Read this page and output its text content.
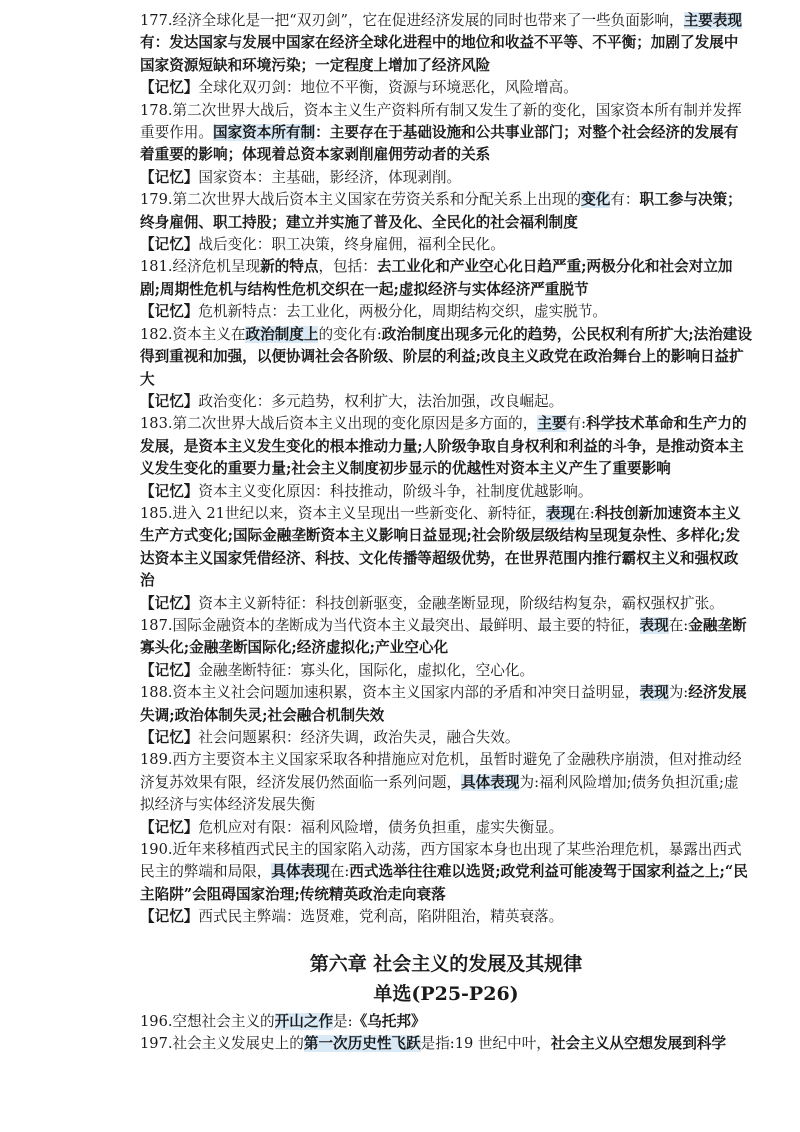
177.经济全球化是一把“双刃剑”，它在促进经济发展的同时也带来了一些负面影响，主要表现有：发达国家与发展中国家在经济全球化进程中的地位和收益不平等、不平衡；加剧了发展中国家资源短缺和环境污染；一定程度上增加了经济风险

【记忆】全球化双刃剑：地位不平衡，资源与环境恶化，风险增高。

178.第二次世界大战后，资本主义生产资料所有制又发生了新的变化，国家资本所有制并发挥重要作用。国家资本所有制：主要存在于基础设施和公共事业部门；对整个社会经济的发展有着重要的影响；体现着总资本家剥削雇佣劳动者的关系

【记忆】国家资本：主基础，影经济，体现剥削。

179.第二次世界大战后资本主义国家在劳资关系和分配关系上出现的变化有：职工参与决策；终身雇佣、职工持股；建立并实施了普及化、全民化的社会福利制度

【记忆】战后变化：职工决策，终身雇佣，福利全民化。

181.经济危机呈现新的特点，包括：去工业化和产业空心化日趋严重;两极分化和社会对立加剧;周期性危机与结构性危机交织在一起;虚拟经济与实体经济严重脱节

【记忆】危机新特点：去工业化，两极分化，周期结构交织，虚实脱节。

182.资本主义在政治制度上的变化有:政治制度出现多元化的趋势，公民权利有所扩大;法治建设得到重视和加强，以便协调社会各阶级、阶层的利益;改良主义政党在政治舞台上的影响日益扩大

【记忆】政治变化：多元趋势，权利扩大，法治加强，改良崛起。

183.第二次世界大战后资本主义出现的变化原因是多方面的，主要有:科学技术革命和生产力的发展，是资本主义发生变化的根本推动力量;人阶级争取自身权利和利益的斗争，是推动资本主义发生变化的重要力量;社会主义制度初步显示的优越性对资本主义产生了重要影响

【记忆】资本主义变化原因：科技推动，阶级斗争，社制度优越影响。

185.进入 21世纪以来，资本主义呈现出一些新变化、新特征，表现在:科技创新加速资本主义生产方式变化;国际金融垄断资本主义影响日益显现;社会阶级层级结构呈现复杂性、多样化;发达资本主义国家凭借经济、科技、文化传播等超级优势，在世界范围内推行霸权主义和强权政治

【记忆】资本主义新特征：科技创新驱变，金融垄断显现，阶级结构复杂，霸权强权扩张。

187.国际金融资本的垄断成为当代资本主义最突出、最鲜明、最主要的特征，表现在:金融垄断寡头化;金融垄断国际化;经济虚拟化;产业空心化

【记忆】金融垄断特征：寡头化，国际化，虚拟化，空心化。

188.资本主义社会问题加速积累，资本主义国家内部的矛盾和冲突日益明显，表现为:经济发展失调;政治体制失灵;社会融合机制失效

【记忆】社会问题累积：经济失调，政治失灵，融合失效。

189.西方主要资本主义国家采取各种措施应对危机，虽暂时避免了金融秩序崩溃，但对推动经济复苏效果有限，经济发展仍然面临一系列问题，具体表现为:福利风险增加;债务负担沉重;虚拟经济与实体经济发展失衡

【记忆】危机应对有限：福利风险增，债务负担重，虚实失衡显。

190.近年来移植西式民主的国家陷入动荡，西方国家本身也出现了某些治理危机，暴露出西式民主的弊端和局限，具体表现在:西式选举往往难以选贤;政党利益可能凌驾于国家利益之上;“民主陷阱”会阻碍国家治理;传统精英政治走向衰落

【记忆】西式民主弊端：选贤难，党利高，陷阱阻治，精英衰落。

第六章 社会主义的发展及其规律
单选(P25-P26)

196.空想社会主义的开山之作是:《乌托邦》

197.社会主义发展史上的第一次历史性飞跃是指:19 世纪中叶，社会主义从空想发展到科学
